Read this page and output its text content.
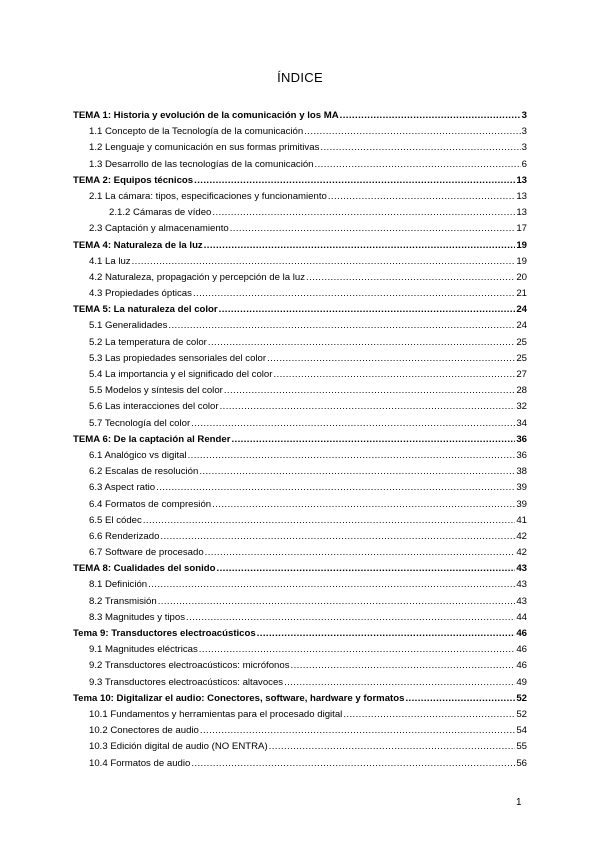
ÍNDICE
TEMA 1: Historia y evolución de la comunicación y los MA .....	3
1.1 Concepto de la Tecnología de la comunicación .....	3
1.2 Lenguaje y comunicación en sus formas primitivas .....	3
1.3 Desarrollo de las tecnologías de la comunicación .....	6
TEMA 2: Equipos técnicos .....	13
2.1 La cámara: tipos, especificaciones y funcionamiento .....	13
2.1.2 Cámaras de vídeo .....	13
2.3 Captación y almacenamiento .....	17
TEMA 4: Naturaleza de la luz .....	19
4.1 La luz .....	19
4.2 Naturaleza, propagación y percepción de la luz .....	20
4.3 Propiedades ópticas .....	21
TEMA 5: La naturaleza del color .....	24
5.1 Generalidades .....	24
5.2 La temperatura de color .....	25
5.3 Las propiedades sensoriales del color .....	25
5.4 La importancia y el significado del color .....	27
5.5 Modelos y síntesis del color .....	28
5.6 Las interacciones del color .....	32
5.7 Tecnología del color .....	34
TEMA 6: De la captación al Render .....	36
6.1 Analógico vs digital .....	36
6.2 Escalas de resolución .....	38
6.3 Aspect ratio .....	39
6.4 Formatos de compresión .....	39
6.5 El códec .....	41
6.6 Renderizado .....	42
6.7 Software de procesado .....	42
TEMA 8: Cualidades del sonido .....	43
8.1 Definición .....	43
8.2 Transmisión .....	43
8.3 Magnitudes y tipos .....	44
Tema 9: Transductores electroacústicos .....	46
9.1 Magnitudes eléctricas .....	46
9.2 Transductores electroacústicos: micrófonos .....	46
9.3 Transductores electroacústicos: altavoces .....	49
Tema 10: Digitalizar el audio: Conectores, software, hardware y formatos .....	52
10.1 Fundamentos y herramientas para el procesado digital .....	52
10.2 Conectores de audio .....	54
10.3 Edición digital de audio (NO ENTRA) .....	55
10.4 Formatos de audio .....	56
1
